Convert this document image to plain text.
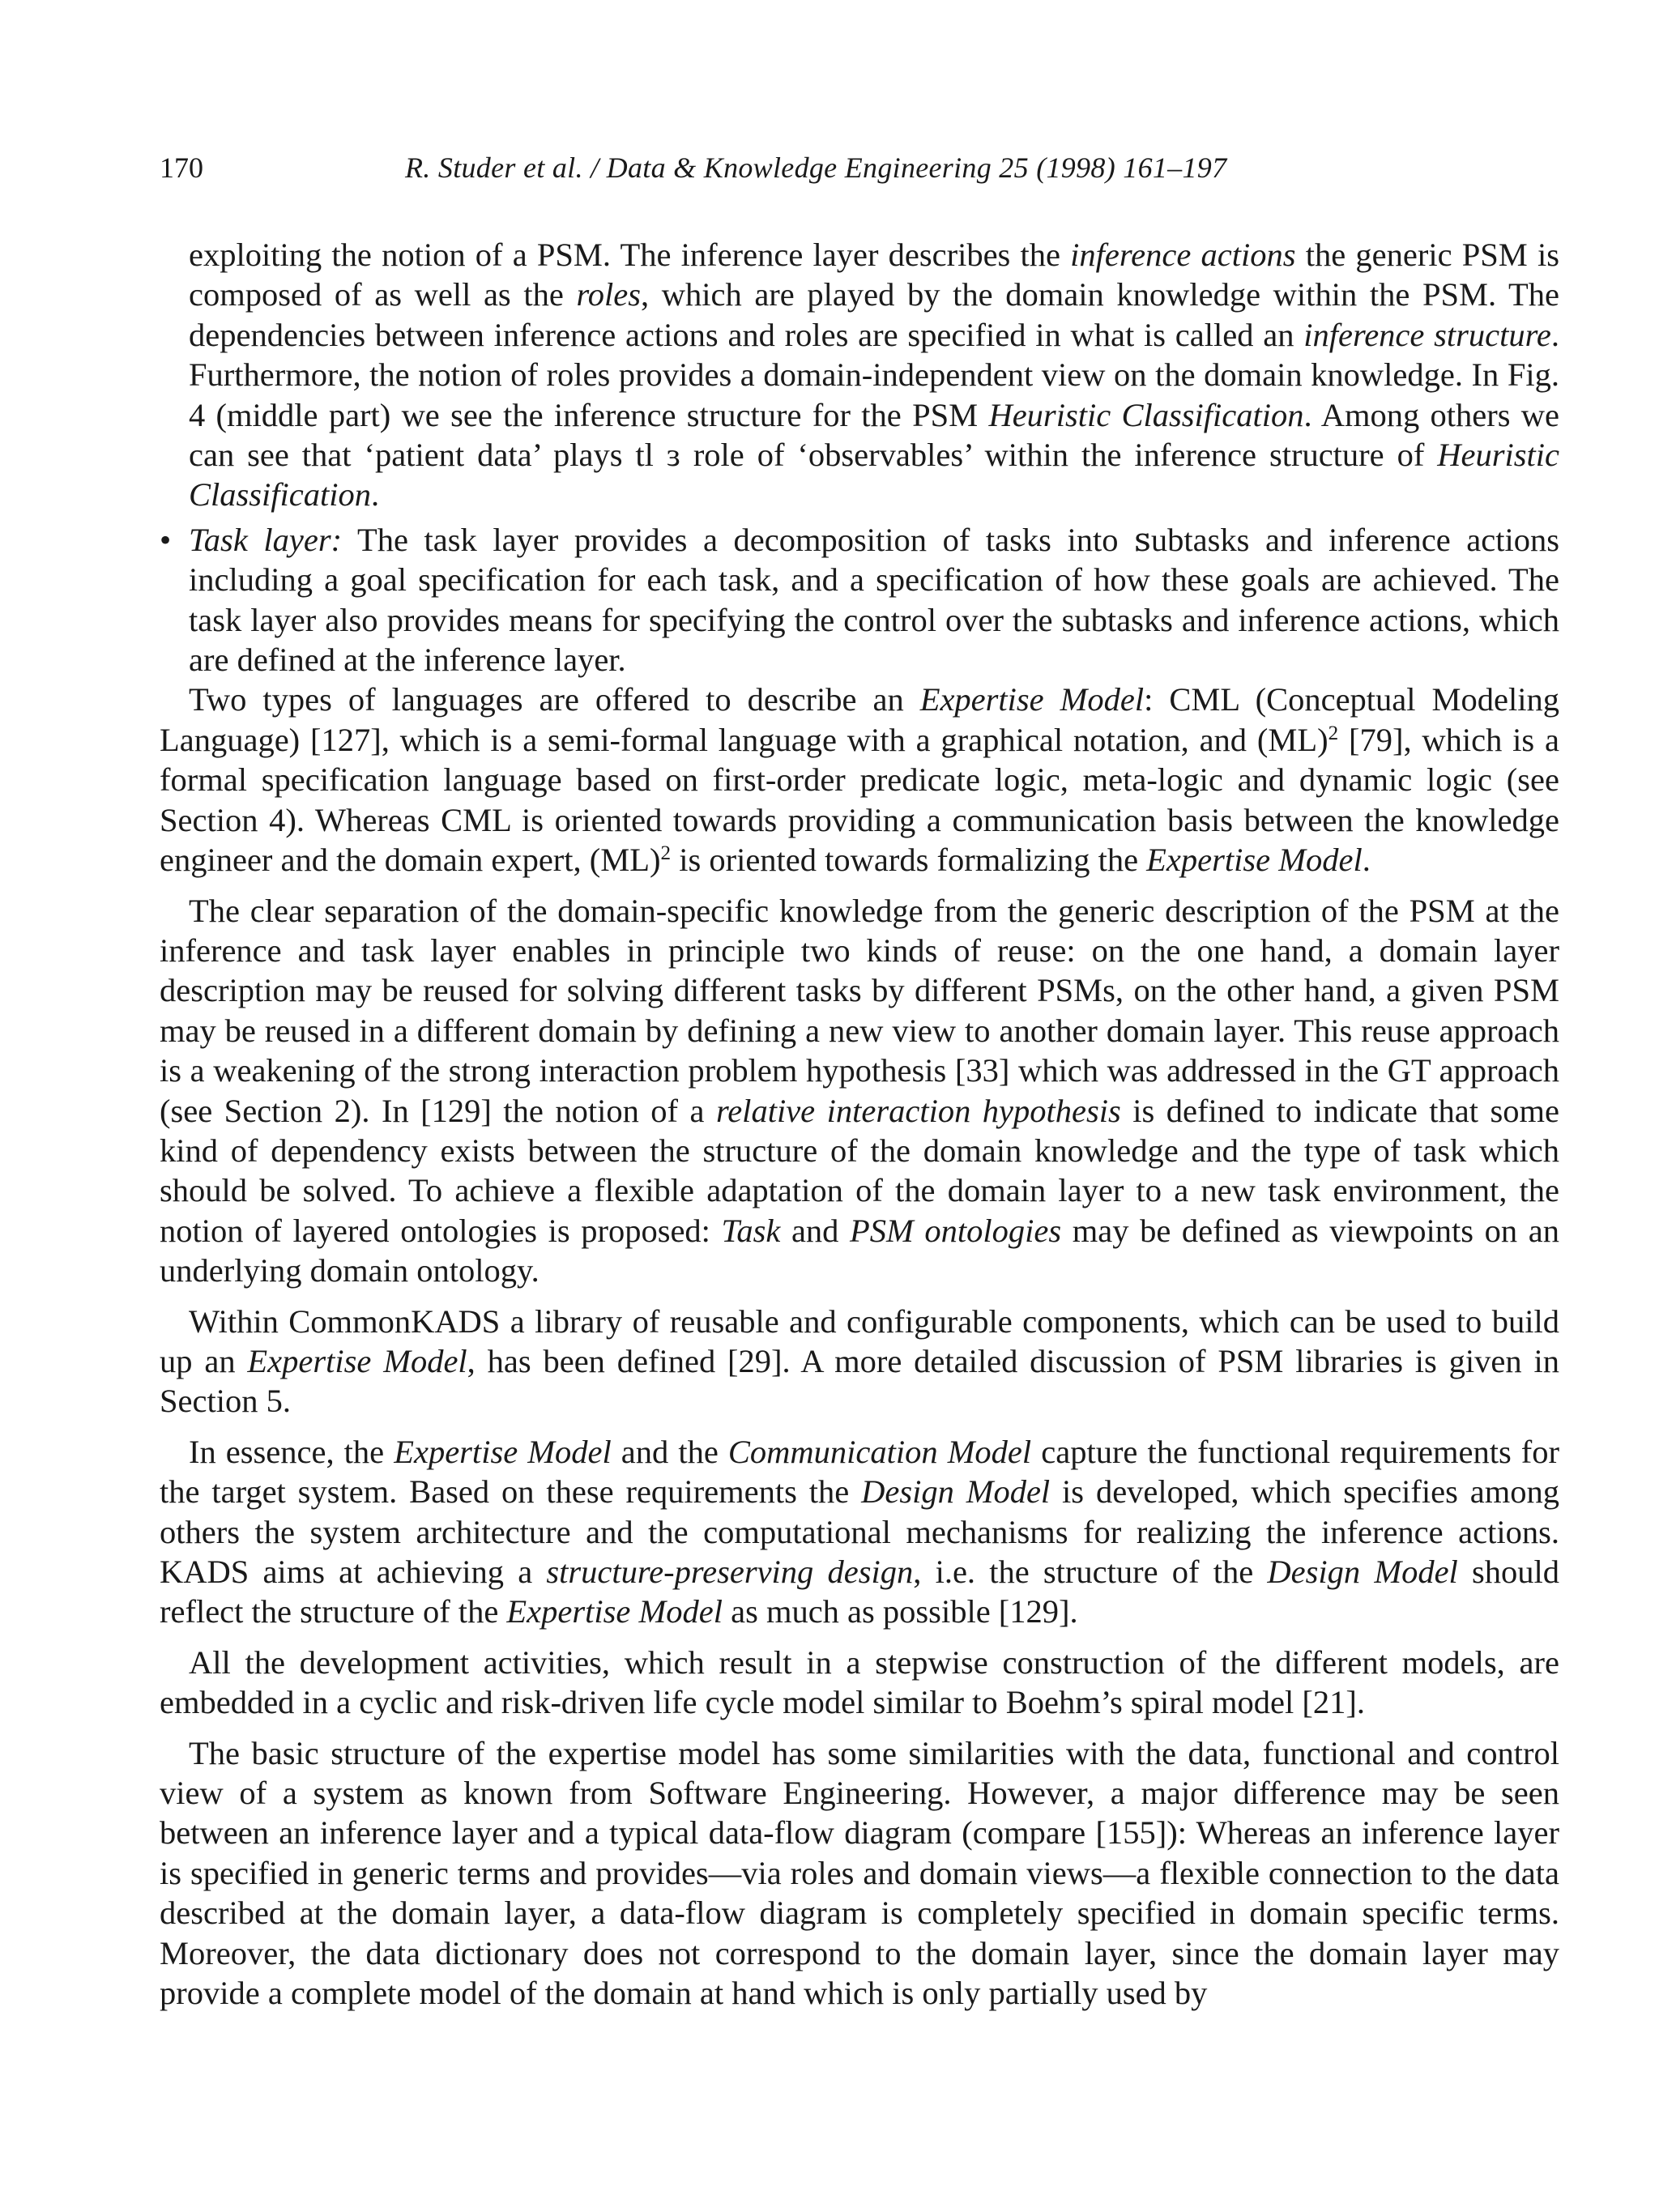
170	R. Studer et al. / Data & Knowledge Engineering 25 (1998) 161–197

exploiting the notion of a PSM. The inference layer describes the inference actions the generic PSM is composed of as well as the roles, which are played by the domain knowledge within the PSM. The dependencies between inference actions and roles are specified in what is called an inference structure. Furthermore, the notion of roles provides a domain-independent view on the domain knowledge. In Fig. 4 (middle part) we see the inference structure for the PSM Heuristic Classification. Among others we can see that ‘patient data’ plays tl ɜ role of ‘observables’ within the inference structure of Heuristic Classification.

• Task layer: The task layer provides a decomposition of tasks into ꜱubtasks and inference actions including a goal specification for each task, and a specification of how these goals are achieved. The task layer also provides means for specifying the control over the subtasks and inference actions, which are defined at the inference layer.

Two types of languages are offered to describe an Expertise Model: CML (Conceptual Modeling Language) [127], which is a semi-formal language with a graphical notation, and (ML)$^2$ [79], which is a formal specification language based on first-order predicate logic, meta-logic and dynamic logic (see Section 4). Whereas CML is oriented towards providing a communication basis between the knowledge engineer and the domain expert, (ML)$^2$ is oriented towards formalizing the Expertise Model.

The clear separation of the domain-specific knowledge from the generic description of the PSM at the inference and task layer enables in principle two kinds of reuse: on the one hand, a domain layer description may be reused for solving different tasks by different PSMs, on the other hand, a given PSM may be reused in a different domain by defining a new view to another domain layer. This reuse approach is a weakening of the strong interaction problem hypothesis [33] which was addressed in the GT approach (see Section 2). In [129] the notion of a relative interaction hypothesis is defined to indicate that some kind of dependency exists between the structure of the domain knowledge and the type of task which should be solved. To achieve a flexible adaptation of the domain layer to a new task environment, the notion of layered ontologies is proposed: Task and PSM ontologies may be defined as viewpoints on an underlying domain ontology.

Within CommonKADS a library of reusable and configurable components, which can be used to build up an Expertise Model, has been defined [29]. A more detailed discussion of PSM libraries is given in Section 5.

In essence, the Expertise Model and the Communication Model capture the functional requirements for the target system. Based on these requirements the Design Model is developed, which specifies among others the system architecture and the computational mechanisms for realizing the inference actions. KADS aims at achieving a structure-preserving design, i.e. the structure of the Design Model should reflect the structure of the Expertise Model as much as possible [129].

All the development activities, which result in a stepwise construction of the different models, are embedded in a cyclic and risk-driven life cycle model similar to Boehm’s spiral model [21].

The basic structure of the expertise model has some similarities with the data, functional and control view of a system as known from Software Engineering. However, a major difference may be seen between an inference layer and a typical data-flow diagram (compare [155]): Whereas an inference layer is specified in generic terms and provides—via roles and domain views—a flexible connection to the data described at the domain layer, a data-flow diagram is completely specified in domain specific terms. Moreover, the data dictionary does not correspond to the domain layer, since the domain layer may provide a complete model of the domain at hand which is only partially used by
